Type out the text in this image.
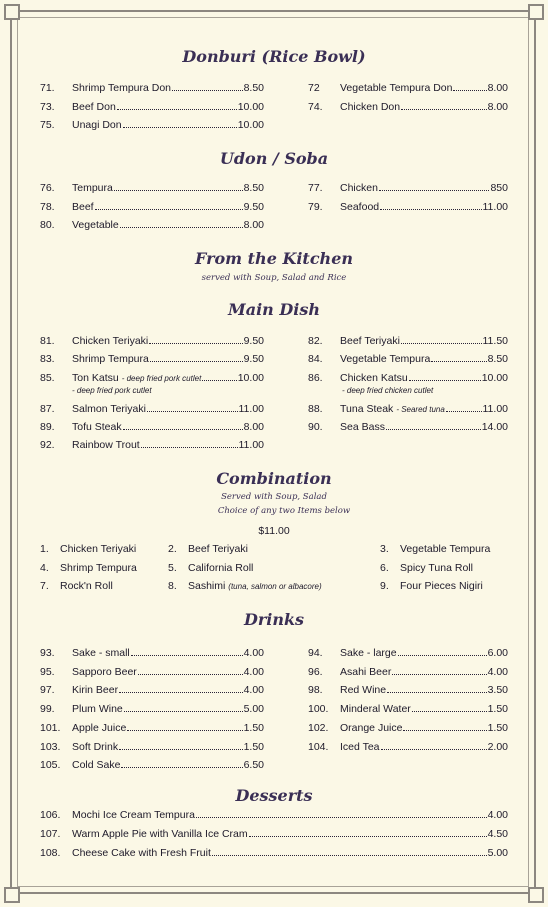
Donburi (Rice Bowl)
Udon / Soba
From the Kitchen
served with Soup, Salad and Rice
Main Dish
- deep fried pork cutlet	- deep fried chicken cutlet
Combination
Served with Soup, Salad
Choice of any two Items below
$11.00
Drinks
Desserts
71.	Shrimp Tempura Don	8.50
73.	Beef Don	10.00
75.	Unagi Don	10.00
72	Vegetable Tempura Don	8.00
74.	Chicken Don	8.00
76.	Tempura	8.50
78.	Beef	9.50
80.	Vegetable	8.00
77.	Chicken	850
79.	Seafood	11.00
81.	Chicken Teriyaki	9.50
83.	Shrimp Tempura	9.50
85.	Ton Katsu - deep fried pork cutlet	10.00
87.	Salmon Teriyaki	11.00
89.	Tofu Steak	8.00
92.	Rainbow Trout	11.00
82.	Beef Teriyaki	11.50
84.	Vegetable Tempura	8.50
86.	Chicken Katsu	10.00
88.	Tuna Steak - Seared tuna	11.00
90.	Sea Bass	14.00
93.	Sake - small	4.00
95.	Sapporo Beer	4.00
97.	Kirin Beer	4.00
99.	Plum Wine	5.00
101.	Apple Juice	1.50
103.	Soft Drink	1.50
105.	Cold Sake	6.50
94.	Sake - large	6.00
96.	Asahi Beer	4.00
98.	Red Wine	3.50
100.	Minderal Water	1.50
102.	Orange Juice	1.50
104.	Iced Tea	2.00
106.	Mochi Ice Cream Tempura	4.00
107.	Warm Apple Pie with Vanilla Ice Cram	4.50
108.	Cheese Cake with Fresh Fruit	5.00
1. Chicken Teriyaki	2. Beef Teriyaki	3. Vegetable Tempura
4. Shrimp Tempura	5. California Roll	6. Spicy Tuna Roll
7. Rock'n Roll	8. Sashimi (tuna, salmon or albacore)	9. Four Pieces Nigiri
